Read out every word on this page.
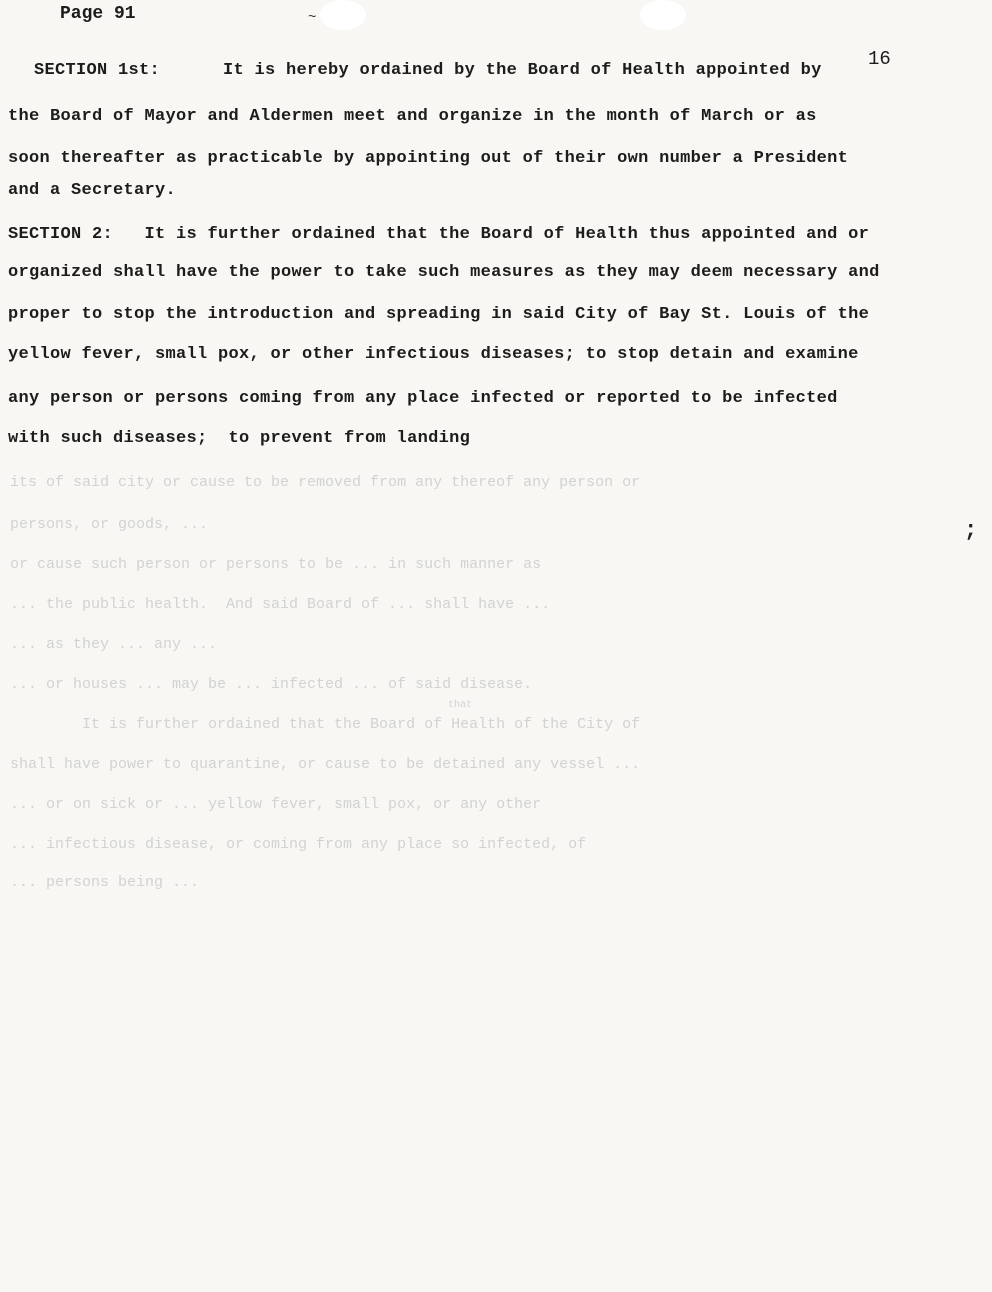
Page 91
16
~
SECTION 1st:      It is hereby ordained by the Board of Health appointed by
the Board of Mayor and Aldermen meet and organize in the month of March or as
soon thereafter as practicable by appointing out of their own number a President
and a Secretary.
SECTION 2:   It is further ordained that the Board of Health thus appointed and or
organized shall have the power to take such measures as they may deem necessary and
proper to stop the introduction and spreading in said City of Bay St. Louis of the
yellow fever, small pox, or other infectious diseases; to stop detain and examine
any person or persons coming from any place infected or reported to be infected
with such diseases;  to prevent from landing
its of said city or cause to be removed from any thereof any person or
persons, or goods, ...
or cause such person or persons to be ... in such manner as
... the public health.  And said Board of ... shall have ...
... as they ... any ...
... or houses ... may be ... infected ... of said disease.
It is further ordained that the Board of Health of the City of
shall have power to quarantine, or cause to be detained any vessel ...
... or on sick or ... yellow fever, small pox, or any other
... infectious disease, or coming from any place so infected, of
... persons being ...
that
;
